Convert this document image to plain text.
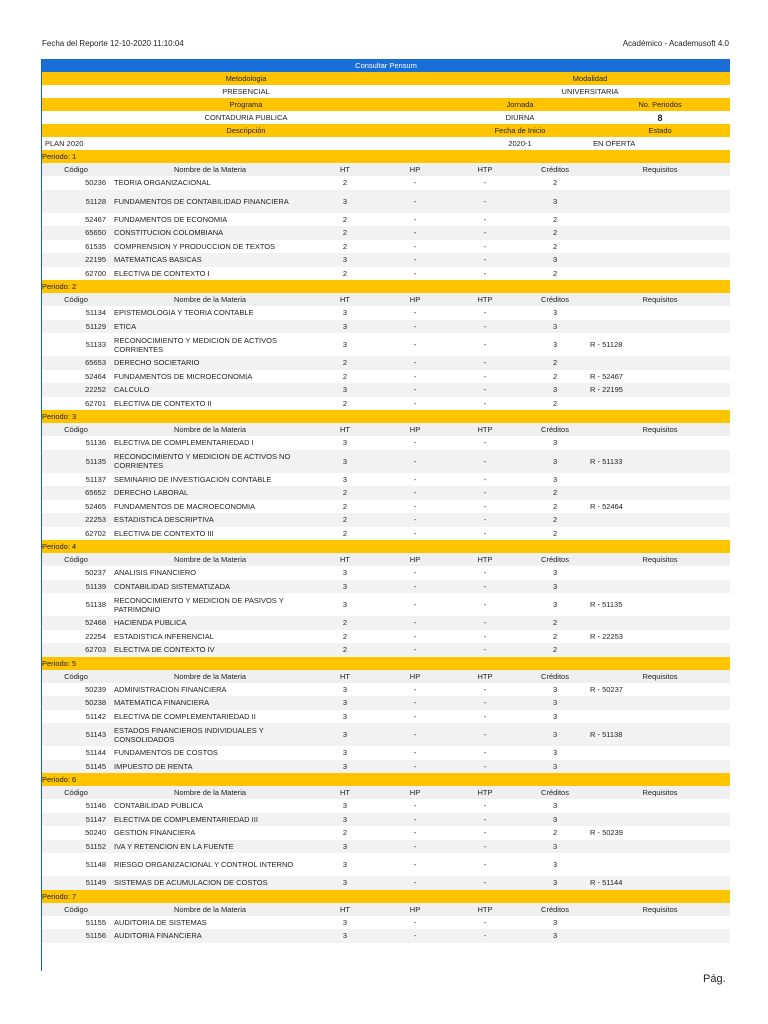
Fecha del Reporte 12-10-2020 11:10:04	Académico - Academusoft 4.0
Consultar Pensum						
Metodologia				Modalidad		
PRESENCIAL				UNIVERSITARIA		
Programa				Jornada		No. Periodos
CONTADURIA PUBLICA				DIURNA		8
Descripción				Fecha de Inicio		Estado
PLAN 2020				2020-1		EN OFERTA
Periodo: 1						
Código	Nombre de la Materia	HT	HP	HTP	Créditos	Requisitos
50236	TEORIA ORGANIZACIONAL	2	-	-	2	
51128	FUNDAMENTOS DE CONTABILIDAD FINANCIERA	3	-	-	3	
52467	FUNDAMENTOS DE ECONOMIA	2	-	-	2	
65650	CONSTITUCION COLOMBIANA	2	-	-	2	
61535	COMPRENSION Y PRODUCCION DE TEXTOS	2	-	-	2	
22195	MATEMATICAS BASICAS	3	-	-	3	
62700	ELECTIVA DE CONTEXTO I	2	-	-	2	
Periodo: 2						
Código	Nombre de la Materia	HT	HP	HTP	Créditos	Requisitos
51134	EPISTEMOLOGIA Y TEORIA CONTABLE	3	-	-	3	
51129	ETICA	3	-	-	3	
51133	RECONOCIMIENTO Y MEDICION DE ACTIVOS CORRIENTES	3	-	-	3	R - 51128
65653	DERECHO SOCIETARIO	2	-	-	2	
52464	FUNDAMENTOS DE MICROECONOMIA	2	-	-	2	R - 52467
22252	CALCULO	3	-	-	3	R - 22195
62701	ELECTIVA DE CONTEXTO II	2	-	-	2	
Periodo: 3						
Código	Nombre de la Materia	HT	HP	HTP	Créditos	Requisitos
51136	ELECTIVA DE COMPLEMENTARIEDAD I	3	-	-	3	
51135	RECONOCIMIENTO Y MEDICION DE ACTIVOS NO CORRIENTES	3	-	-	3	R - 51133
51137	SEMINARIO DE INVESTIGACION CONTABLE	3	-	-	3	
65652	DERECHO LABORAL	2	-	-	2	
52465	FUNDAMENTOS DE MACROECONOMIA	2	-	-	2	R - 52464
22253	ESTADISTICA DESCRIPTIVA	2	-	-	2	
62702	ELECTIVA DE CONTEXTO III	2	-	-	2	
Periodo: 4						
Código	Nombre de la Materia	HT	HP	HTP	Créditos	Requisitos
50237	ANALISIS FINANCIERO	3	-	-	3	
51139	CONTABILIDAD SISTEMATIZADA	3	-	-	3	
51138	RECONOCIMIENTO Y MEDICION DE PASIVOS Y PATRIMONIO	3	-	-	3	R - 51135
52468	HACIENDA PUBLICA	2	-	-	2	
22254	ESTADISTICA INFERENCIAL	2	-	-	2	R - 22253
62703	ELECTIVA DE CONTEXTO IV	2	-	-	2	
Periodo: 5						
Código	Nombre de la Materia	HT	HP	HTP	Créditos	Requisitos
50239	ADMINISTRACION FINANCIERA	3	-	-	3	R - 50237
50238	MATEMATICA FINANCIERA	3	-	-	3	
51142	ELECTIVA DE COMPLEMENTARIEDAD II	3	-	-	3	
51143	ESTADOS FINANCIEROS INDIVIDUALES Y CONSOLIDADOS	3	-	-	3	R - 51138
51144	FUNDAMENTOS DE COSTOS	3	-	-	3	
51145	IMPUESTO DE RENTA	3	-	-	3	
Periodo: 6						
Código	Nombre de la Materia	HT	HP	HTP	Créditos	Requisitos
51146	CONTABILIDAD PUBLICA	3	-	-	3	
51147	ELECTIVA DE COMPLEMENTARIEDAD III	3	-	-	3	
50240	GESTION FINANCIERA	2	-	-	2	R - 50239
51152	IVA Y RETENCION EN LA FUENTE	3	-	-	3	
51148	RIESGO ORGANIZACIONAL Y CONTROL INTERNO	3	-	-	3	
51149	SISTEMAS DE ACUMULACION DE COSTOS	3	-	-	3	R - 51144
Periodo: 7						
Código	Nombre de la Materia	HT	HP	HTP	Créditos	Requisitos
51155	AUDITORIA DE SISTEMAS	3	-	-	3	
51156	AUDITORIA FINANCIERA	3	-	-	3	
Pág.
